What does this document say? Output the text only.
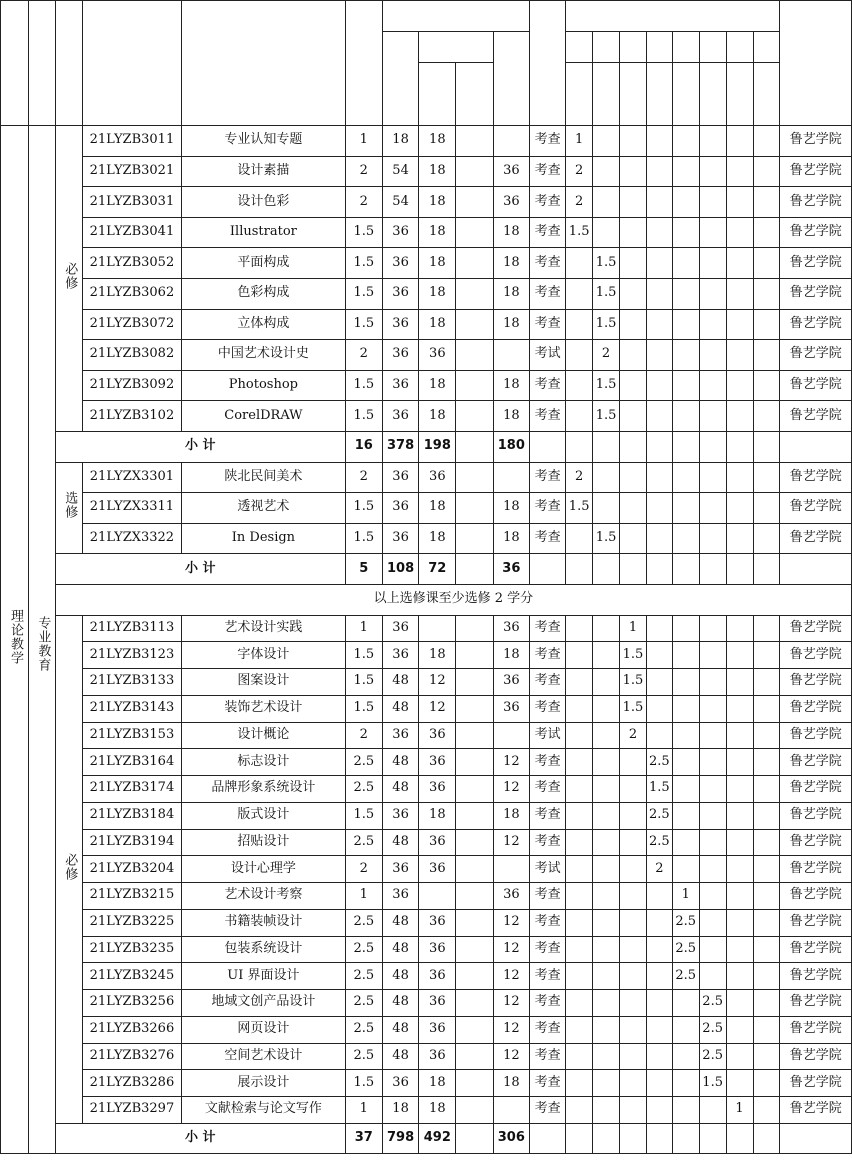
理论教学	专业教育	必修	21LYZB3011	专业认知专题	1	18	18			考查	1								鲁艺学院
			21LYZB3021	设计素描	2	54	18		36	考查	2								鲁艺学院
			21LYZB3031	设计色彩	2	54	18		36	考查	2								鲁艺学院
			21LYZB3041	Illustrator	1.5	36	18		18	考查	1.5								鲁艺学院
			21LYZB3052	平面构成	1.5	36	18		18	考查		1.5							鲁艺学院
			21LYZB3062	色彩构成	1.5	36	18		18	考查		1.5							鲁艺学院
			21LYZB3072	立体构成	1.5	36	18		18	考查		1.5							鲁艺学院
			21LYZB3082	中国艺术设计史	2	36	36			考试		2							鲁艺学院
			21LYZB3092	Photoshop	1.5	36	18		18	考查		1.5							鲁艺学院
			21LYZB3102	CorelDRAW	1.5	36	18		18	考查		1.5							鲁艺学院
		小 计			16	378	198		180										
		选修	21LYZX3301	陕北民间美术	2	36	36			考查	2								鲁艺学院
			21LYZX3311	透视艺术	1.5	36	18		18	考查	1.5								鲁艺学院
			21LYZX3322	In Design	1.5	36	18		18	考查		1.5							鲁艺学院
		小 计			5	108	72		36										
		以上选修课至少选修 2 学分																	
		必修	21LYZB3113	艺术设计实践	1	36			36	考查			1						鲁艺学院
			21LYZB3123	字体设计	1.5	36	18		18	考查			1.5						鲁艺学院
			21LYZB3133	图案设计	1.5	48	12		36	考查			1.5						鲁艺学院
			21LYZB3143	装饰艺术设计	1.5	48	12		36	考查			1.5						鲁艺学院
			21LYZB3153	设计概论	2	36	36			考试			2						鲁艺学院
			21LYZB3164	标志设计	2.5	48	36		12	考查				2.5					鲁艺学院
			21LYZB3174	品牌形象系统设计	2.5	48	36		12	考查				1.5					鲁艺学院
			21LYZB3184	版式设计	1.5	36	18		18	考查				2.5					鲁艺学院
			21LYZB3194	招贴设计	2.5	48	36		12	考查				2.5					鲁艺学院
			21LYZB3204	设计心理学	2	36	36			考试				2					鲁艺学院
			21LYZB3215	艺术设计考察	1	36			36	考查					1				鲁艺学院
			21LYZB3225	书籍装帧设计	2.5	48	36		12	考查					2.5				鲁艺学院
			21LYZB3235	包装系统设计	2.5	48	36		12	考查					2.5				鲁艺学院
			21LYZB3245	UI 界面设计	2.5	48	36		12	考查					2.5				鲁艺学院
			21LYZB3256	地域文创产品设计	2.5	48	36		12	考查						2.5			鲁艺学院
			21LYZB3266	网页设计	2.5	48	36		12	考查						2.5			鲁艺学院
			21LYZB3276	空间艺术设计	2.5	48	36		12	考查						2.5			鲁艺学院
			21LYZB3286	展示设计	1.5	36	18		18	考查						1.5			鲁艺学院
			21LYZB3297	文献检索与论文写作	1	18	18			考查							1		鲁艺学院
		小 计			37	798	492		306										
